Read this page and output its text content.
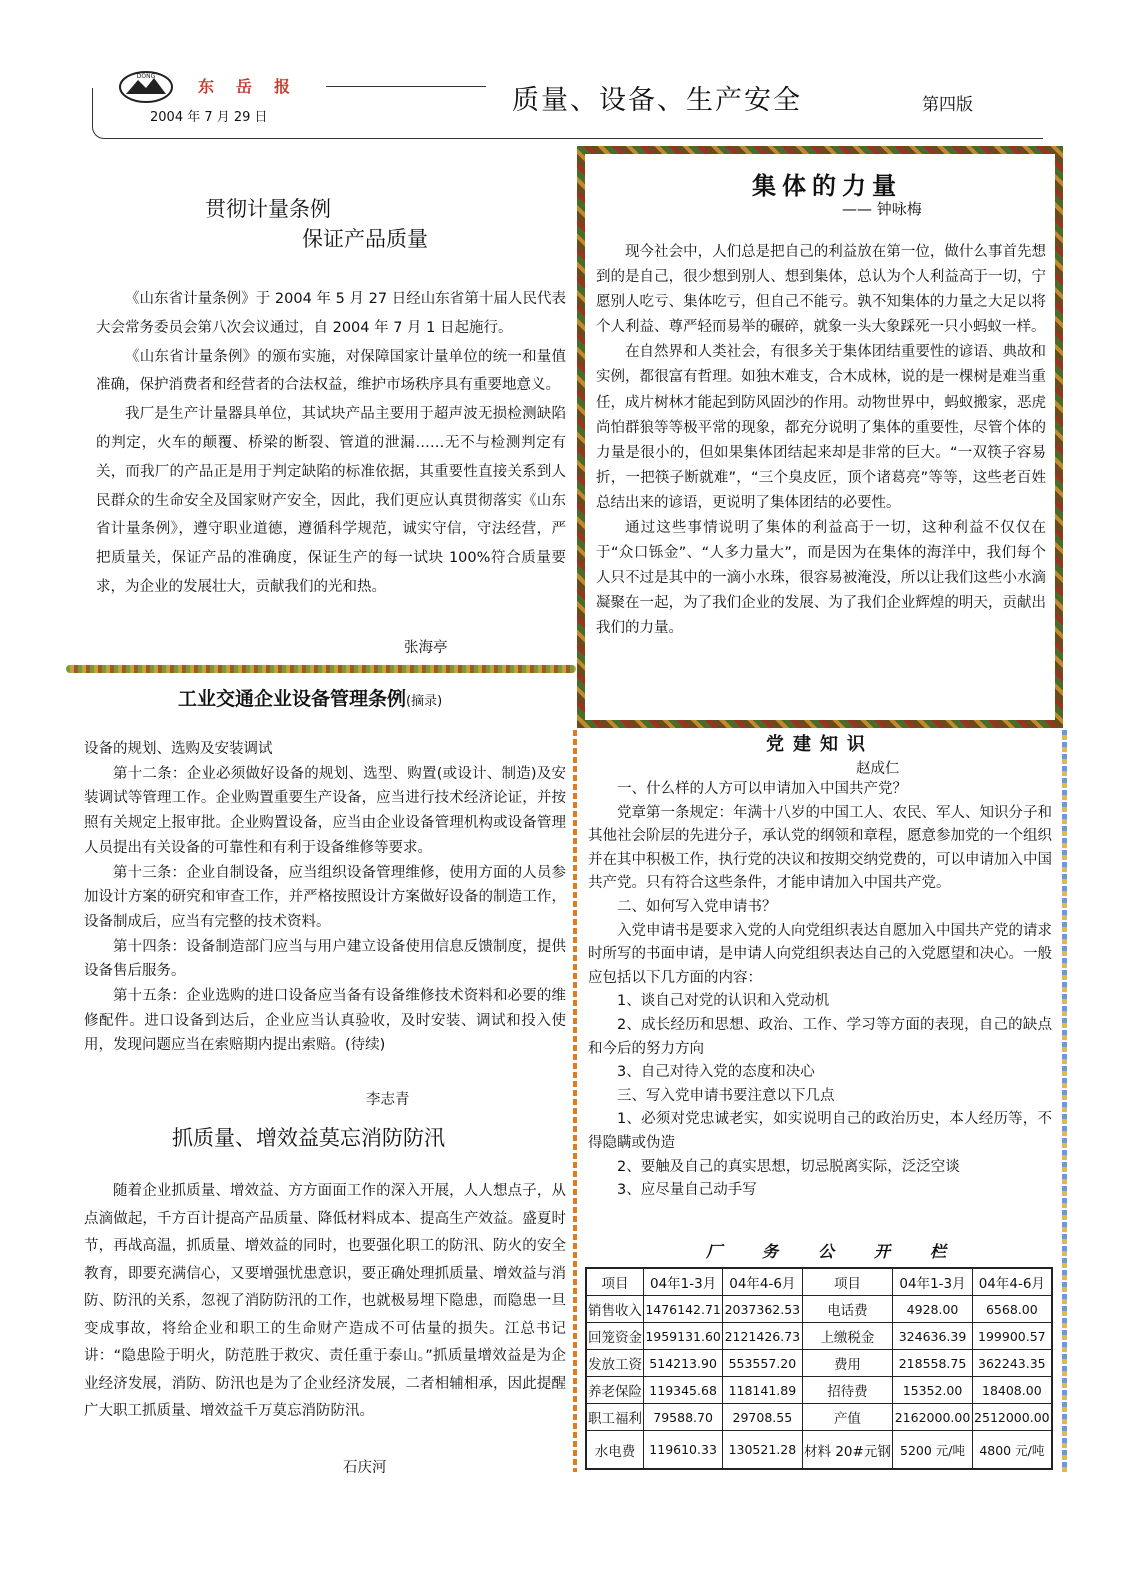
DONG
东岳报
2004 年 7 月 29 日
质量、设备、生产安全	第四版
贯彻计量条例
保证产品质量

《山东省计量条例》于 2004 年 5 月 27 日经山东省第十届人民代表大会常务委员会第八次会议通过，自 2004 年 7 月 1 日起施行。

《山东省计量条例》的颁布实施，对保障国家计量单位的统一和量值准确，保护消费者和经营者的合法权益，维护市场秩序具有重要地意义。

我厂是生产计量器具单位，其试块产品主要用于超声波无损检测缺陷的判定，火车的颠覆、桥梁的断裂、管道的泄漏……无不与检测判定有关，而我厂的产品正是用于判定缺陷的标准依据，其重要性直接关系到人民群众的生命安全及国家财产安全，因此，我们更应认真贯彻落实《山东省计量条例》，遵守职业道德，遵循科学规范，诚实守信，守法经营，严把质量关，保证产品的准确度，保证生产的每一试块 100%符合质量要求，为企业的发展壮大，贡献我们的光和热。

张海亭
工业交通企业设备管理条例(摘录)

设备的规划、选购及安装调试

第十二条：企业必须做好设备的规划、选型、购置(或设计、制造)及安装调试等管理工作。企业购置重要生产设备，应当进行技术经济论证，并按照有关规定上报审批。企业购置设备，应当由企业设备管理机构或设备管理人员提出有关设备的可靠性和有利于设备维修等要求。

第十三条：企业自制设备，应当组织设备管理维修，使用方面的人员参加设计方案的研究和审查工作，并严格按照设计方案做好设备的制造工作，设备制成后，应当有完整的技术资料。

第十四条：设备制造部门应当与用户建立设备使用信息反馈制度，提供设备售后服务。

第十五条：企业选购的进口设备应当备有设备维修技术资料和必要的维修配件。进口设备到达后，企业应当认真验收，及时安装、调试和投入使用，发现问题应当在索赔期内提出索赔。(待续)

李志青
抓质量、增效益莫忘消防防汛

随着企业抓质量、增效益、方方面面工作的深入开展，人人想点子，从点滴做起，千方百计提高产品质量、降低材料成本、提高生产效益。盛夏时节，再战高温，抓质量、增效益的同时，也要强化职工的防汛、防火的安全教育，即要充满信心，又要增强忧患意识，要正确处理抓质量、增效益与消防、防汛的关系，忽视了消防防汛的工作，也就极易埋下隐患，而隐患一旦变成事故，将给企业和职工的生命财产造成不可估量的损失。江总书记讲：“隐患险于明火，防范胜于救灾、责任重于泰山。”抓质量增效益是为企业经济发展，消防、防汛也是为了企业经济发展，二者相辅相承，因此提醒广大职工抓质量、增效益千万莫忘消防防汛。

石庆河
集体的力量
—— 钟咏梅

现今社会中，人们总是把自己的利益放在第一位，做什么事首先想到的是自己，很少想到别人、想到集体，总认为个人利益高于一切，宁愿别人吃亏、集体吃亏，但自己不能亏。孰不知集体的力量之大足以将个人利益、尊严轻而易举的碾碎，就象一头大象踩死一只小蚂蚁一样。

在自然界和人类社会，有很多关于集体团结重要性的谚语、典故和实例，都很富有哲理。如独木难支，合木成林，说的是一棵树是难当重任，成片树林才能起到防风固沙的作用。动物世界中，蚂蚁搬家，恶虎尚怕群狼等等极平常的现象，都充分说明了集体的重要性，尽管个体的力量是很小的，但如果集体团结起来却是非常的巨大。“一双筷子容易折，一把筷子断就难”，“三个臭皮匠，顶个诸葛亮”等等，这些老百姓总结出来的谚语，更说明了集体团结的必要性。

通过这些事情说明了集体的利益高于一切，这种利益不仅仅在于“众口铄金”、“人多力量大”，而是因为在集体的海洋中，我们每个人只不过是其中的一滴小水珠，很容易被淹没，所以让我们这些小水滴凝聚在一起，为了我们企业的发展、为了我们企业辉煌的明天，贡献出我们的力量。

党建知识
赵成仁

一、什么样的人方可以申请加入中国共产党？

党章第一条规定：年满十八岁的中国工人、农民、军人、知识分子和其他社会阶层的先进分子，承认党的纲领和章程，愿意参加党的一个组织并在其中积极工作，执行党的决议和按期交纳党费的，可以申请加入中国共产党。只有符合这些条件，才能申请加入中国共产党。

二、如何写入党申请书？

入党申请书是要求入党的人向党组织表达自愿加入中国共产党的请求时所写的书面申请，是申请人向党组织表达自己的入党愿望和决心。一般应包括以下几方面的内容：

1、谈自己对党的认识和入党动机

2、成长经历和思想、政治、工作、学习等方面的表现，自己的缺点和今后的努力方向

3、自己对待入党的态度和决心

三、写入党申请书要注意以下几点

1、必须对党忠诚老实，如实说明自己的政治历史，本人经历等，不得隐瞒或伪造

2、要触及自己的真实思想，切忌脱离实际，泛泛空谈

3、应尽量自己动手写

厂务公开栏
项目	04年1-3月	04年4-6月	项目	04年1-3月	04年4-6月
销售收入	1476142.71	2037362.53	电话费	4928.00	6568.00
回笼资金	1959131.60	2121426.73	上缴税金	324636.39	199900.57
发放工资	514213.90	553557.20	费用	218558.75	362243.35
养老保险	119345.68	118141.89	招待费	15352.00	18408.00
职工福利	79588.70	29708.55	产值	2162000.00	2512000.00
水电费	119610.33	130521.28	材料 20#元钢	5200 元/吨	4800 元/吨
